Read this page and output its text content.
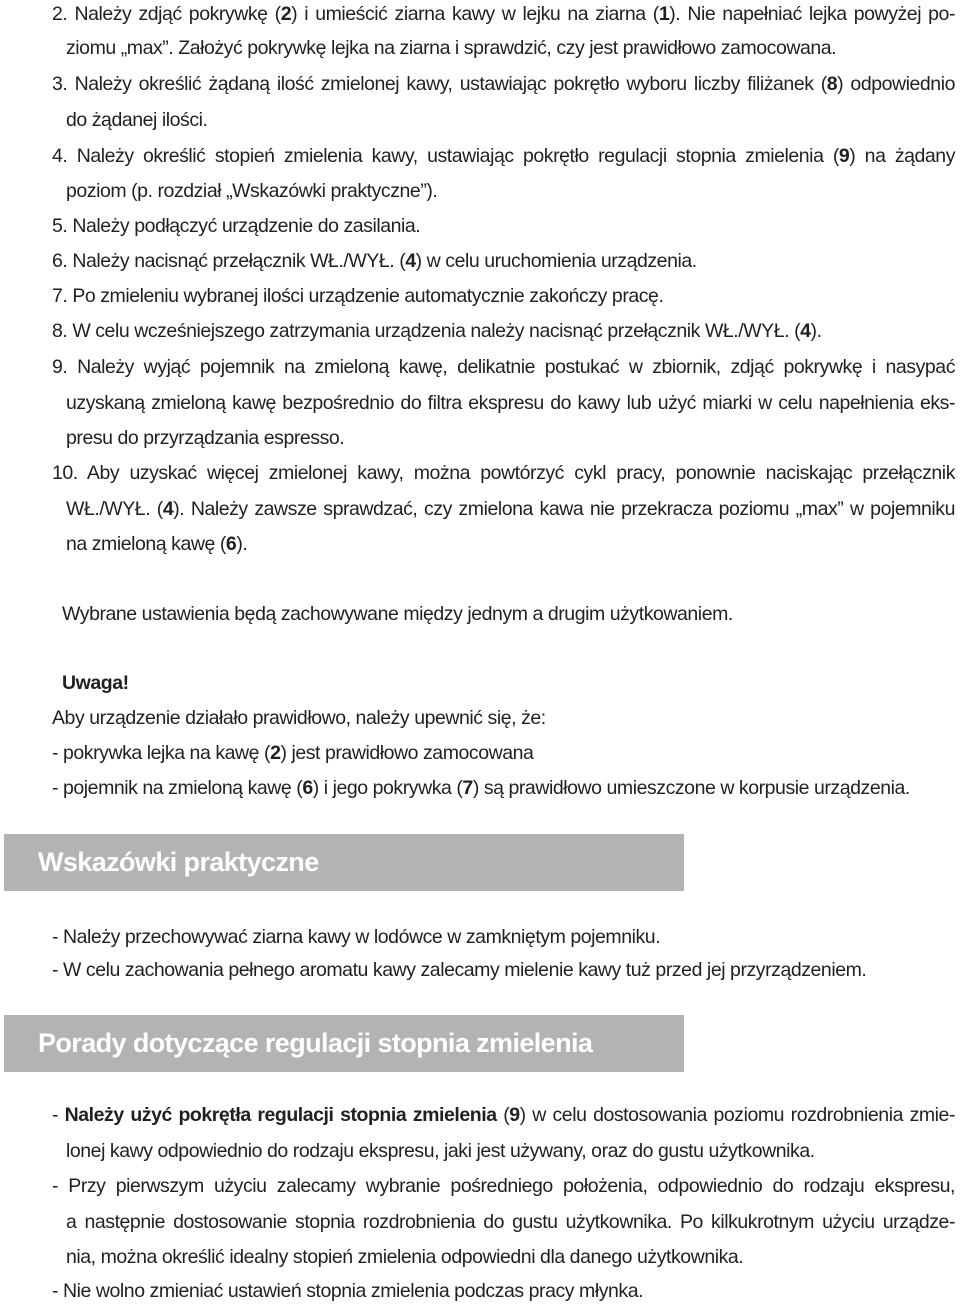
2. Należy zdjąć pokrywkę (2) i umieścić ziarna kawy w lejku na ziarna (1). Nie napełniać lejka powyżej po-
ziomu „max”. Założyć pokrywkę lejka na ziarna i sprawdzić, czy jest prawidłowo zamocowana.
3. Należy określić żądaną ilość zmielonej kawy, ustawiając pokrętło wyboru liczby filiżanek (8) odpowiednio
do żądanej ilości.
4. Należy określić stopień zmielenia kawy, ustawiając pokrętło regulacji stopnia zmielenia (9) na żądany
poziom (p. rozdział „Wskazówki praktyczne”).
5. Należy podłączyć urządzenie do zasilania.
6. Należy nacisnąć przełącznik WŁ./WYŁ. (4) w celu uruchomienia urządzenia.
7. Po zmieleniu wybranej ilości urządzenie automatycznie zakończy pracę.
8. W celu wcześniejszego zatrzymania urządzenia należy nacisnąć przełącznik WŁ./WYŁ. (4).
9. Należy wyjąć pojemnik na zmieloną kawę, delikatnie postukać w zbiornik, zdjąć pokrywkę i nasypać
uzyskaną zmieloną kawę bezpośrednio do filtra ekspresu do kawy lub użyć miarki w celu napełnienia eks-
presu do przyrządzania espresso.
10. Aby uzyskać więcej zmielonej kawy, można powtórzyć cykl pracy, ponownie naciskając przełącznik
WŁ./WYŁ. (4). Należy zawsze sprawdzać, czy zmielona kawa nie przekracza poziomu „max” w pojemniku
na zmieloną kawę (6).
Wybrane ustawienia będą zachowywane między jednym a drugim użytkowaniem.
Uwaga!
Aby urządzenie działało prawidłowo, należy upewnić się, że:
- pokrywka lejka na kawę (2) jest prawidłowo zamocowana
- pojemnik na zmieloną kawę (6) i jego pokrywka (7) są prawidłowo umieszczone w korpusie urządzenia.
Wskazówki praktyczne
- Należy przechowywać ziarna kawy w lodówce w zamkniętym pojemniku.
- W celu zachowania pełnego aromatu kawy zalecamy mielenie kawy tuż przed jej przyrządzeniem.
Porady dotyczące regulacji stopnia zmielenia
- Należy użyć pokrętła regulacji stopnia zmielenia (9) w celu dostosowania poziomu rozdrobnienia zmie-
lonej kawy odpowiednio do rodzaju ekspresu, jaki jest używany, oraz do gustu użytkownika.
- Przy pierwszym użyciu zalecamy wybranie pośredniego położenia, odpowiednio do rodzaju ekspresu,
a następnie dostosowanie stopnia rozdrobnienia do gustu użytkownika. Po kilkukrotnym użyciu urządze-
nia, można określić idealny stopień zmielenia odpowiedni dla danego użytkownika.
- Nie wolno zmieniać ustawień stopnia zmielenia podczas pracy młynka.
